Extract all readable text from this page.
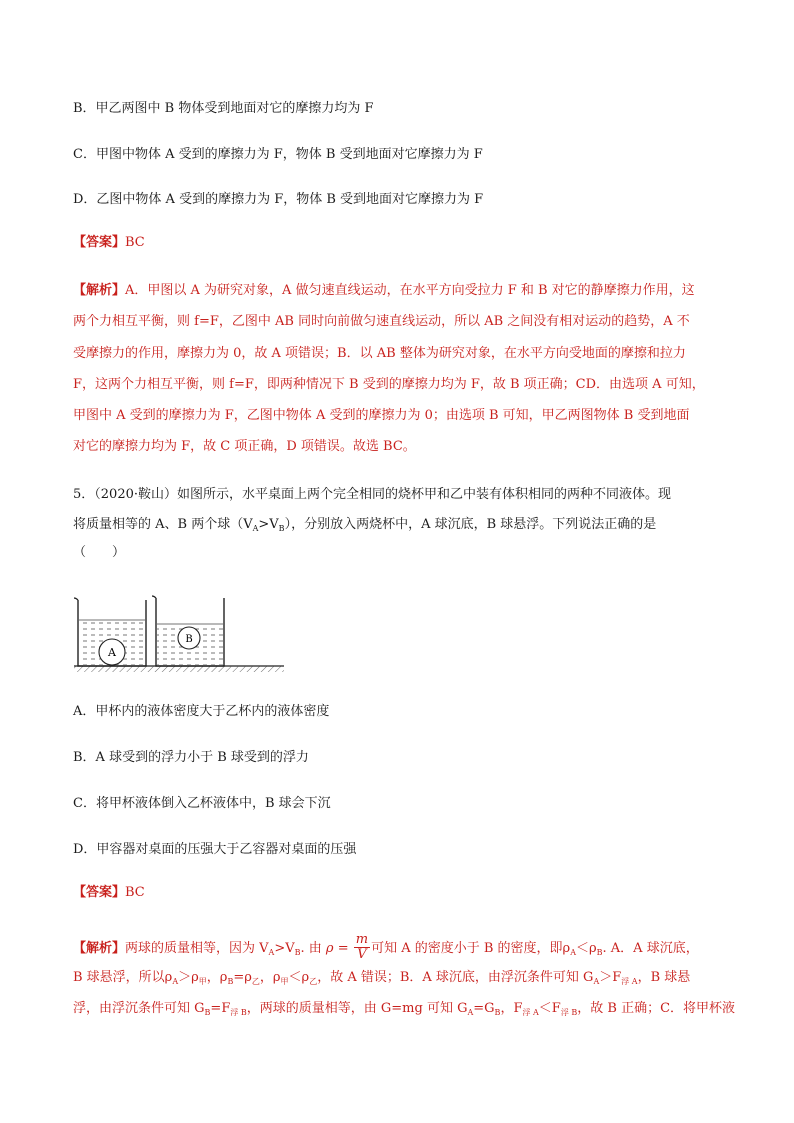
B．甲乙两图中 B 物体受到地面对它的摩擦力均为 F
C．甲图中物体 A 受到的摩擦力为 F，物体 B 受到地面对它摩擦力为 F
D．乙图中物体 A 受到的摩擦力为 F，物体 B 受到地面对它摩擦力为 F
【答案】BC
【解析】A．甲图以 A 为研究对象，A 做匀速直线运动，在水平方向受拉力 F 和 B 对它的静摩擦力作用，这
两个力相互平衡，则 f=F，乙图中 AB 同时向前做匀速直线运动，所以 AB 之间没有相对运动的趋势，A 不
受摩擦力的作用，摩擦力为 0，故 A 项错误；B．以 AB 整体为研究对象，在水平方向受地面的摩擦和拉力
F，这两个力相互平衡，则 f=F，即两种情况下 B 受到的摩擦力均为 F，故 B 项正确；CD．由选项 A 可知，
甲图中 A 受到的摩擦力为 F，乙图中物体 A 受到的摩擦力为 0；由选项 B 可知，甲乙两图物体 B 受到地面
对它的摩擦力均为 F，故 C 项正确，D 项错误。故选 BC。
5．（2020·鞍山）如图所示，水平桌面上两个完全相同的烧杯甲和乙中装有体积相同的两种不同液体。现
将质量相等的 A、B 两个球$(V_A>V_B)$，分别放入两烧杯中，A 球沉底，B 球悬浮。下列说法正确的是
（　　）
A
B
A．甲杯内的液体密度大于乙杯内的液体密度
B．A 球受到的浮力小于 B 球受到的浮力
C．将甲杯液体倒入乙杯液体中，B 球会下沉
D．甲容器对桌面的压强大于乙容器对桌面的压强
【答案】BC
【解析】两球的质量相等，因为 $V_A>V_B$. 由 $\rho = \frac{m}{V}$ 可知 A 的密度小于 B 的密度，即$\rho_A<\rho_B$. A．A 球沉底，
B 球悬浮，所以$\rho_A>\rho_甲$，$\rho_B=\rho_乙$，$\rho_甲<\rho_乙$，故 A 错误；B．A 球沉底，由浮沉条件可知 $G_A>F_{浮 A}$，B 球悬
浮，由浮沉条件可知 $G_B=F_{浮 B}$，两球的质量相等，由 G=mg 可知 $G_A=G_B$，$F_{浮 A}<F_{浮 B}$，故 B 正确；C．将甲杯液
